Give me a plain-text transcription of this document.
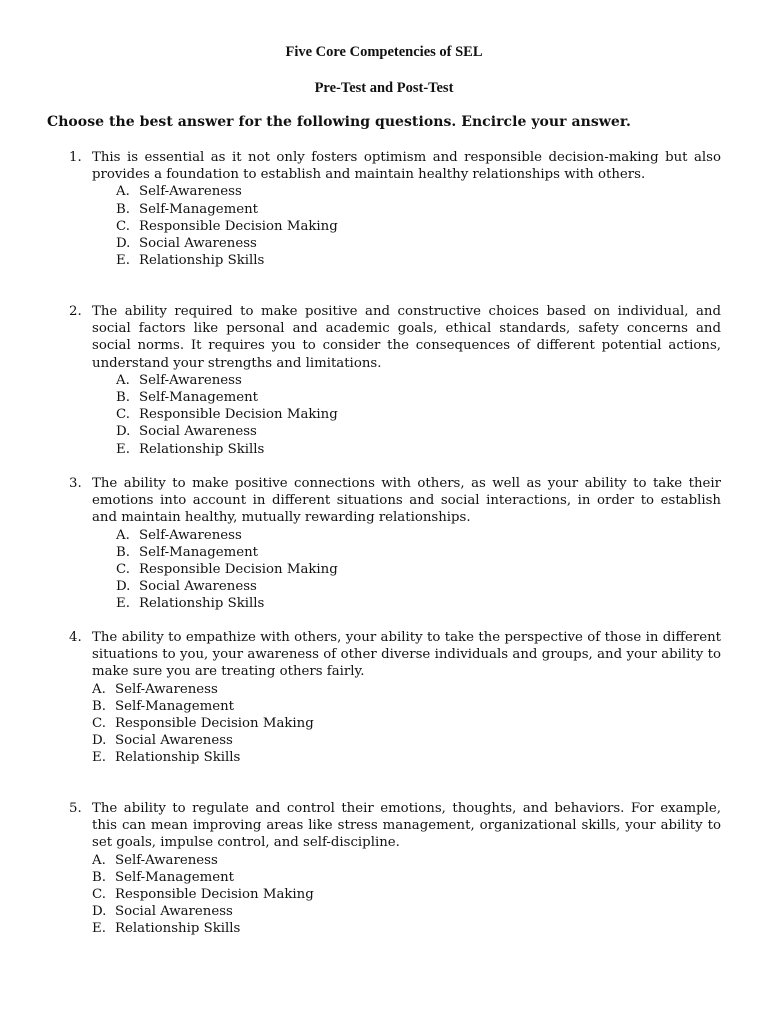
Five Core Competencies of SEL
Pre-Test and Post-Test
Choose the best answer for the following questions. Encircle your answer.
1. This is essential as it not only fosters optimism and responsible decision-making but also provides a foundation to establish and maintain healthy relationships with others.
A. Self-Awareness
B. Self-Management
C. Responsible Decision Making
D. Social Awareness
E. Relationship Skills
2. The ability required to make positive and constructive choices based on individual, and social factors like personal and academic goals, ethical standards, safety concerns and social norms. It requires you to consider the consequences of different potential actions, understand your strengths and limitations.
A. Self-Awareness
B. Self-Management
C. Responsible Decision Making
D. Social Awareness
E. Relationship Skills
3. The ability to make positive connections with others, as well as your ability to take their emotions into account in different situations and social interactions, in order to establish and maintain healthy, mutually rewarding relationships.
A. Self-Awareness
B. Self-Management
C. Responsible Decision Making
D. Social Awareness
E. Relationship Skills
4. The ability to empathize with others, your ability to take the perspective of those in different situations to you, your awareness of other diverse individuals and groups, and your ability to make sure you are treating others fairly.
A. Self-Awareness
B. Self-Management
C. Responsible Decision Making
D. Social Awareness
E. Relationship Skills
5. The ability to regulate and control their emotions, thoughts, and behaviors. For example, this can mean improving areas like stress management, organizational skills, your ability to set goals, impulse control, and self-discipline.
A. Self-Awareness
B. Self-Management
C. Responsible Decision Making
D. Social Awareness
E. Relationship Skills
